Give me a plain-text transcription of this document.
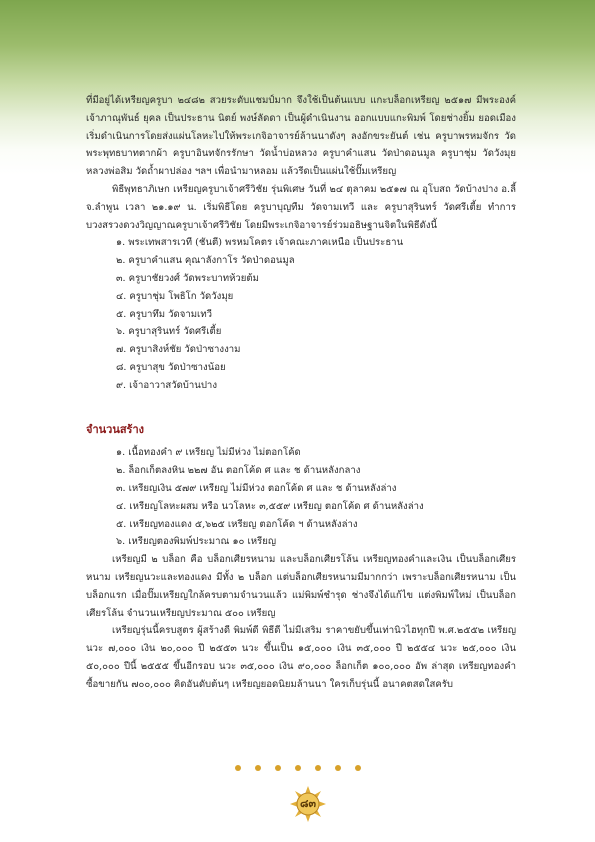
ที่มีอยู่ได้เหรียญครูบา ๒๔๘๒ สวยระดับแชมป์มาก จึงใช้เป็นต้นแบบ แกะบล็อกเหรียญ ๒๕๑๗ มีพระองค์เจ้าภาณุพันธ์ ยุคล เป็นประธาน นิตย์ พงษ์ลัดดา เป็นผู้ดำเนินงาน ออกแบบแกะพิมพ์ โดยช่างยิ้ม ยอดเมือง เริ่มดำเนินการโดยส่งแผ่นโลหะไปให้พระเกจิอาจารย์ล้านนาดังๆ ลงอักขระยันต์ เช่น ครูบาพรหมจักร วัดพระพุทธบาทตากผ้า ครูบาอินทจักรรักษา วัดน้ำบ่อหลวง ครูบาคำแสน วัดป่าดอนมูล ครูบาชุ่ม วัดวังมุย หลวงพ่อสิม วัดถ้ำผาปล่อง ฯลฯ เพื่อนำมาหลอม แล้วรีดเป็นแผ่นใช้ปั๊มเหรียญ

พิธีพุทธาภิเษก เหรียญครูบาเจ้าศรีวิชัย รุ่นพิเศษ วันที่ ๒๔ ตุลาคม ๒๕๑๗ ณ อุโบสถ วัดบ้างปาง อ.ลี้ จ.ลำพูน เวลา ๒๑.๑๙ น. เริ่มพิธีโดย ครูบาบุญทืม วัดจามเทวี และ ครูบาสุรินทร์ วัดศรีเตี้ย ทำการบวงสรวงดวงวิญญาณครูบาเจ้าศรีวิชัย โดยมีพระเกจิอาจารย์ร่วมอธิษฐานจิตในพิธีดังนี้

๑. พระเทพสารเวที (ชันตี) พรหมโคตร เจ้าคณะภาคเหนือ เป็นประธาน
๒. ครูบาคำแสน คุณาลังกาโร วัดป่าดอนมูล
๓. ครูบาชัยวงศ์ วัดพระบาทห้วยต้ม
๔. ครูบาชุ่ม โพธิโก วัดวังมุย
๕. ครูบาทึม วัดจามเทวี
๖. ครูบาสุรินทร์ วัดศรีเตี้ย
๗. ครูบาสิงห์ชัย วัดป่าซางงาม
๘. ครูบาสุข วัดป่าซางน้อย
๙. เจ้าอาวาสวัดบ้านปาง
จำนวนสร้าง
๑. เนื้อทองคำ ๙ เหรียญ ไม่มีห่วง ไม่ตอกโค้ด
๒. ล็อกเก็ตลงหิน ๒๒๗ อัน ตอกโค้ด ศ และ ช ด้านหลังกลาง
๓. เหรียญเงิน ๕๗๙ เหรียญ ไม่มีห่วง ตอกโค้ด ศ และ ช ด้านหลังล่าง
๔. เหรียญโลหะผสม หรือ นวโลหะ ๓,๕๕๙ เหรียญ ตอกโค้ด ศ ด้านหลังล่าง
๕. เหรียญทองแดง ๕,๖๒๕ เหรียญ ตอกโค้ด ฯ ด้านหลังล่าง
๖. เหรียญตองพิมพ์ประมาณ ๑๐ เหรียญ

เหรียญมี ๒ บล็อก คือ บล็อกเศียรหนาม และบล็อกเศียรโล้น เหรียญทองคำและเงิน เป็นบล็อกเศียรหนาม เหรียญนวะและทองแดง มีทั้ง ๒ บล็อก แต่บล็อกเศียรหนามมีมากกว่า เพราะบล็อกเศียรหนาม เป็นบล็อกแรก เมื่อปั๊มเหรียญใกล้ครบตามจำนวนแล้ว แม่พิมพ์ชำรุด ช่างจึงได้แก้ไข แต่งพิมพ์ใหม่ เป็นบล็อกเศียรโล้น จำนวนเหรียญประมาณ ๕๐๐ เหรียญ

เหรียญรุ่นนี้ครบสูตร ผู้สร้างดี พิมพ์ดี พิธีดี ไม่มีเสริม ราคาขยับขึ้นเท่านิวไฮทุกปี พ.ศ.๒๕๕๒ เหรียญนวะ ๗,๐๐๐ เงิน ๒๐,๐๐๐ ปี ๒๕๕๓ นวะ ขึ้นเป็น ๑๕,๐๐๐ เงิน ๓๕,๐๐๐ ปี ๒๕๕๔ นวะ ๒๕,๐๐๐ เงิน ๕๐,๐๐๐ ปีนี้ ๒๕๕๕ ขึ้นอีกรอบ นวะ ๓๕,๐๐๐ เงิน ๙๐,๐๐๐ ล็อกเก็ต ๑๐๐,๐๐๐ อัพ ล่าสุด เหรียญทองคำ ซื้อขายกัน ๗๐๐,๐๐๐ คิดอันดับต้นๆ เหรียญยอดนิยมล้านนา ใครเก็บรุ่นนี้ อนาคตสดใสครับ

๘๓
